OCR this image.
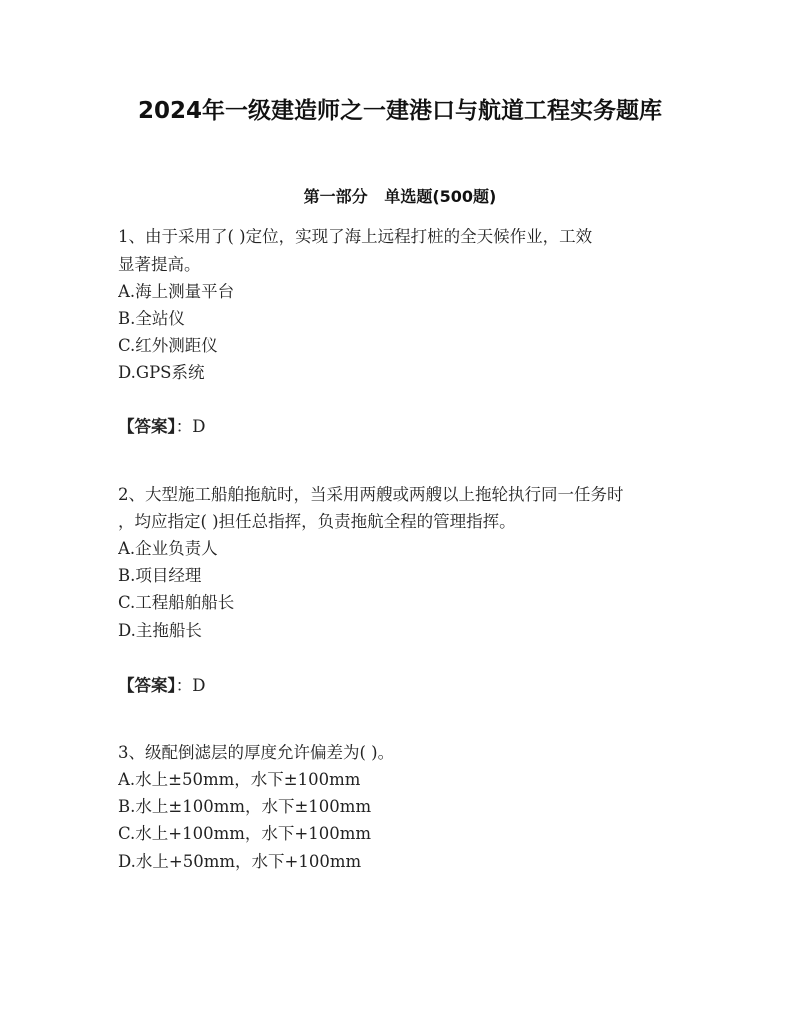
2024年一级建造师之一建港口与航道工程实务题库
第一部分   单选题(500题)
1、由于采用了( )定位，实现了海上远程打桩的全天候作业，工效
显著提高。
A.海上测量平台
B.全站仪
C.红外测距仪
D.GPS系统
【答案】：D
2、大型施工船舶拖航时，当采用两艘或两艘以上拖轮执行同一任务时
，均应指定( )担任总指挥，负责拖航全程的管理指挥。
A.企业负责人
B.项目经理
C.工程船舶船长
D.主拖船长
【答案】：D
3、级配倒滤层的厚度允许偏差为( )。
A.水上±50mm，水下±100mm
B.水上±100mm，水下±100mm
C.水上+100mm，水下+100mm
D.水上+50mm，水下+100mm
